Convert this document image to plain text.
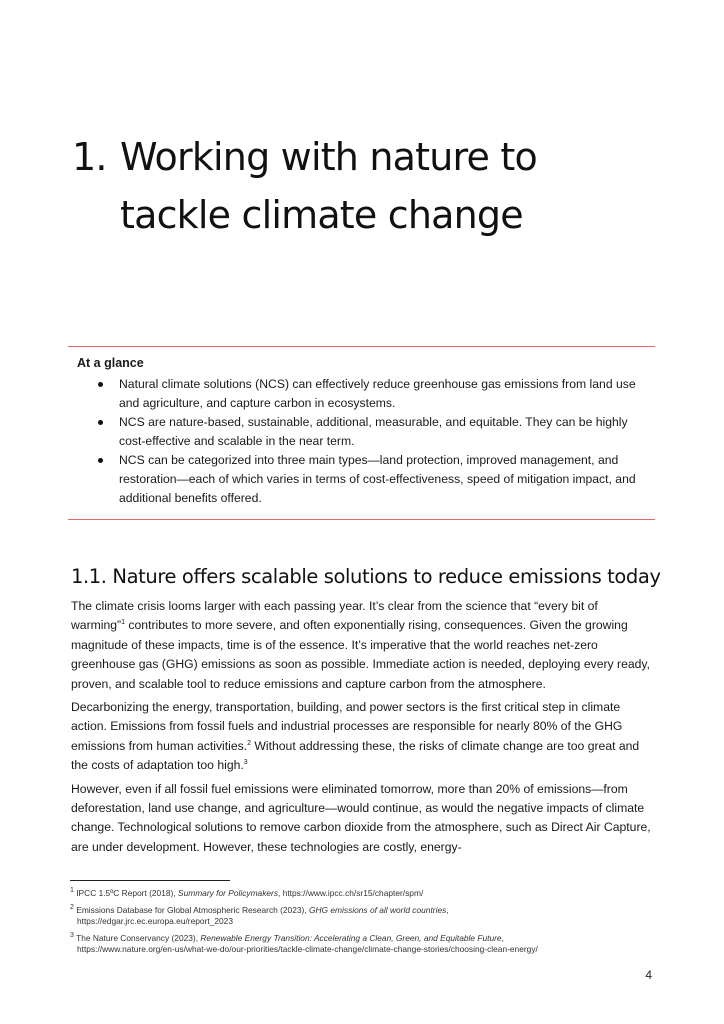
1. Working with nature to
tackle climate change

At a glance

Natural climate solutions (NCS) can effectively reduce greenhouse gas emissions from land use and agriculture, and capture carbon in ecosystems.
NCS are nature-based, sustainable, additional, measurable, and equitable. They can be highly cost-effective and scalable in the near term.
NCS can be categorized into three main types—land protection, improved management, and restoration—each of which varies in terms of cost-effectiveness, speed of mitigation impact, and additional benefits offered.
1.1. Nature offers scalable solutions to reduce emissions today

The climate crisis looms larger with each passing year. It’s clear from the science that “every bit of warming”$^1$ contributes to more severe, and often exponentially rising, consequences. Given the growing magnitude of these impacts, time is of the essence. It’s imperative that the world reaches net-zero greenhouse gas (GHG) emissions as soon as possible. Immediate action is needed, deploying every ready, proven, and scalable tool to reduce emissions and capture carbon from the atmosphere.

Decarbonizing the energy, transportation, building, and power sectors is the first critical step in climate action. Emissions from fossil fuels and industrial processes are responsible for nearly 80% of the GHG emissions from human activities.$^2$ Without addressing these, the risks of climate change are too great and the costs of adaptation too high.$^3$

However, even if all fossil fuel emissions were eliminated tomorrow, more than 20% of emissions—from deforestation, land use change, and agriculture—would continue, as would the negative impacts of climate change. Technological solutions to remove carbon dioxide from the atmosphere, such as Direct Air Capture, are under development. However, these technologies are costly, energy-

$^1$ IPCC 1.5ºC Report (2018), Summary for Policymakers, https://www.ipcc.ch/sr15/chapter/spm/

$^2$ Emissions Database for Global Atmospheric Research (2023), GHG emissions of all world countries,
https://edgar.jrc.ec.europa.eu/report_2023

$^3$ The Nature Conservancy (2023), Renewable Energy Transition: Accelerating a Clean, Green, and Equitable Future,
https://www.nature.org/en-us/what-we-do/our-priorities/tackle-climate-change/climate-change-stories/choosing-clean-energy/

4
